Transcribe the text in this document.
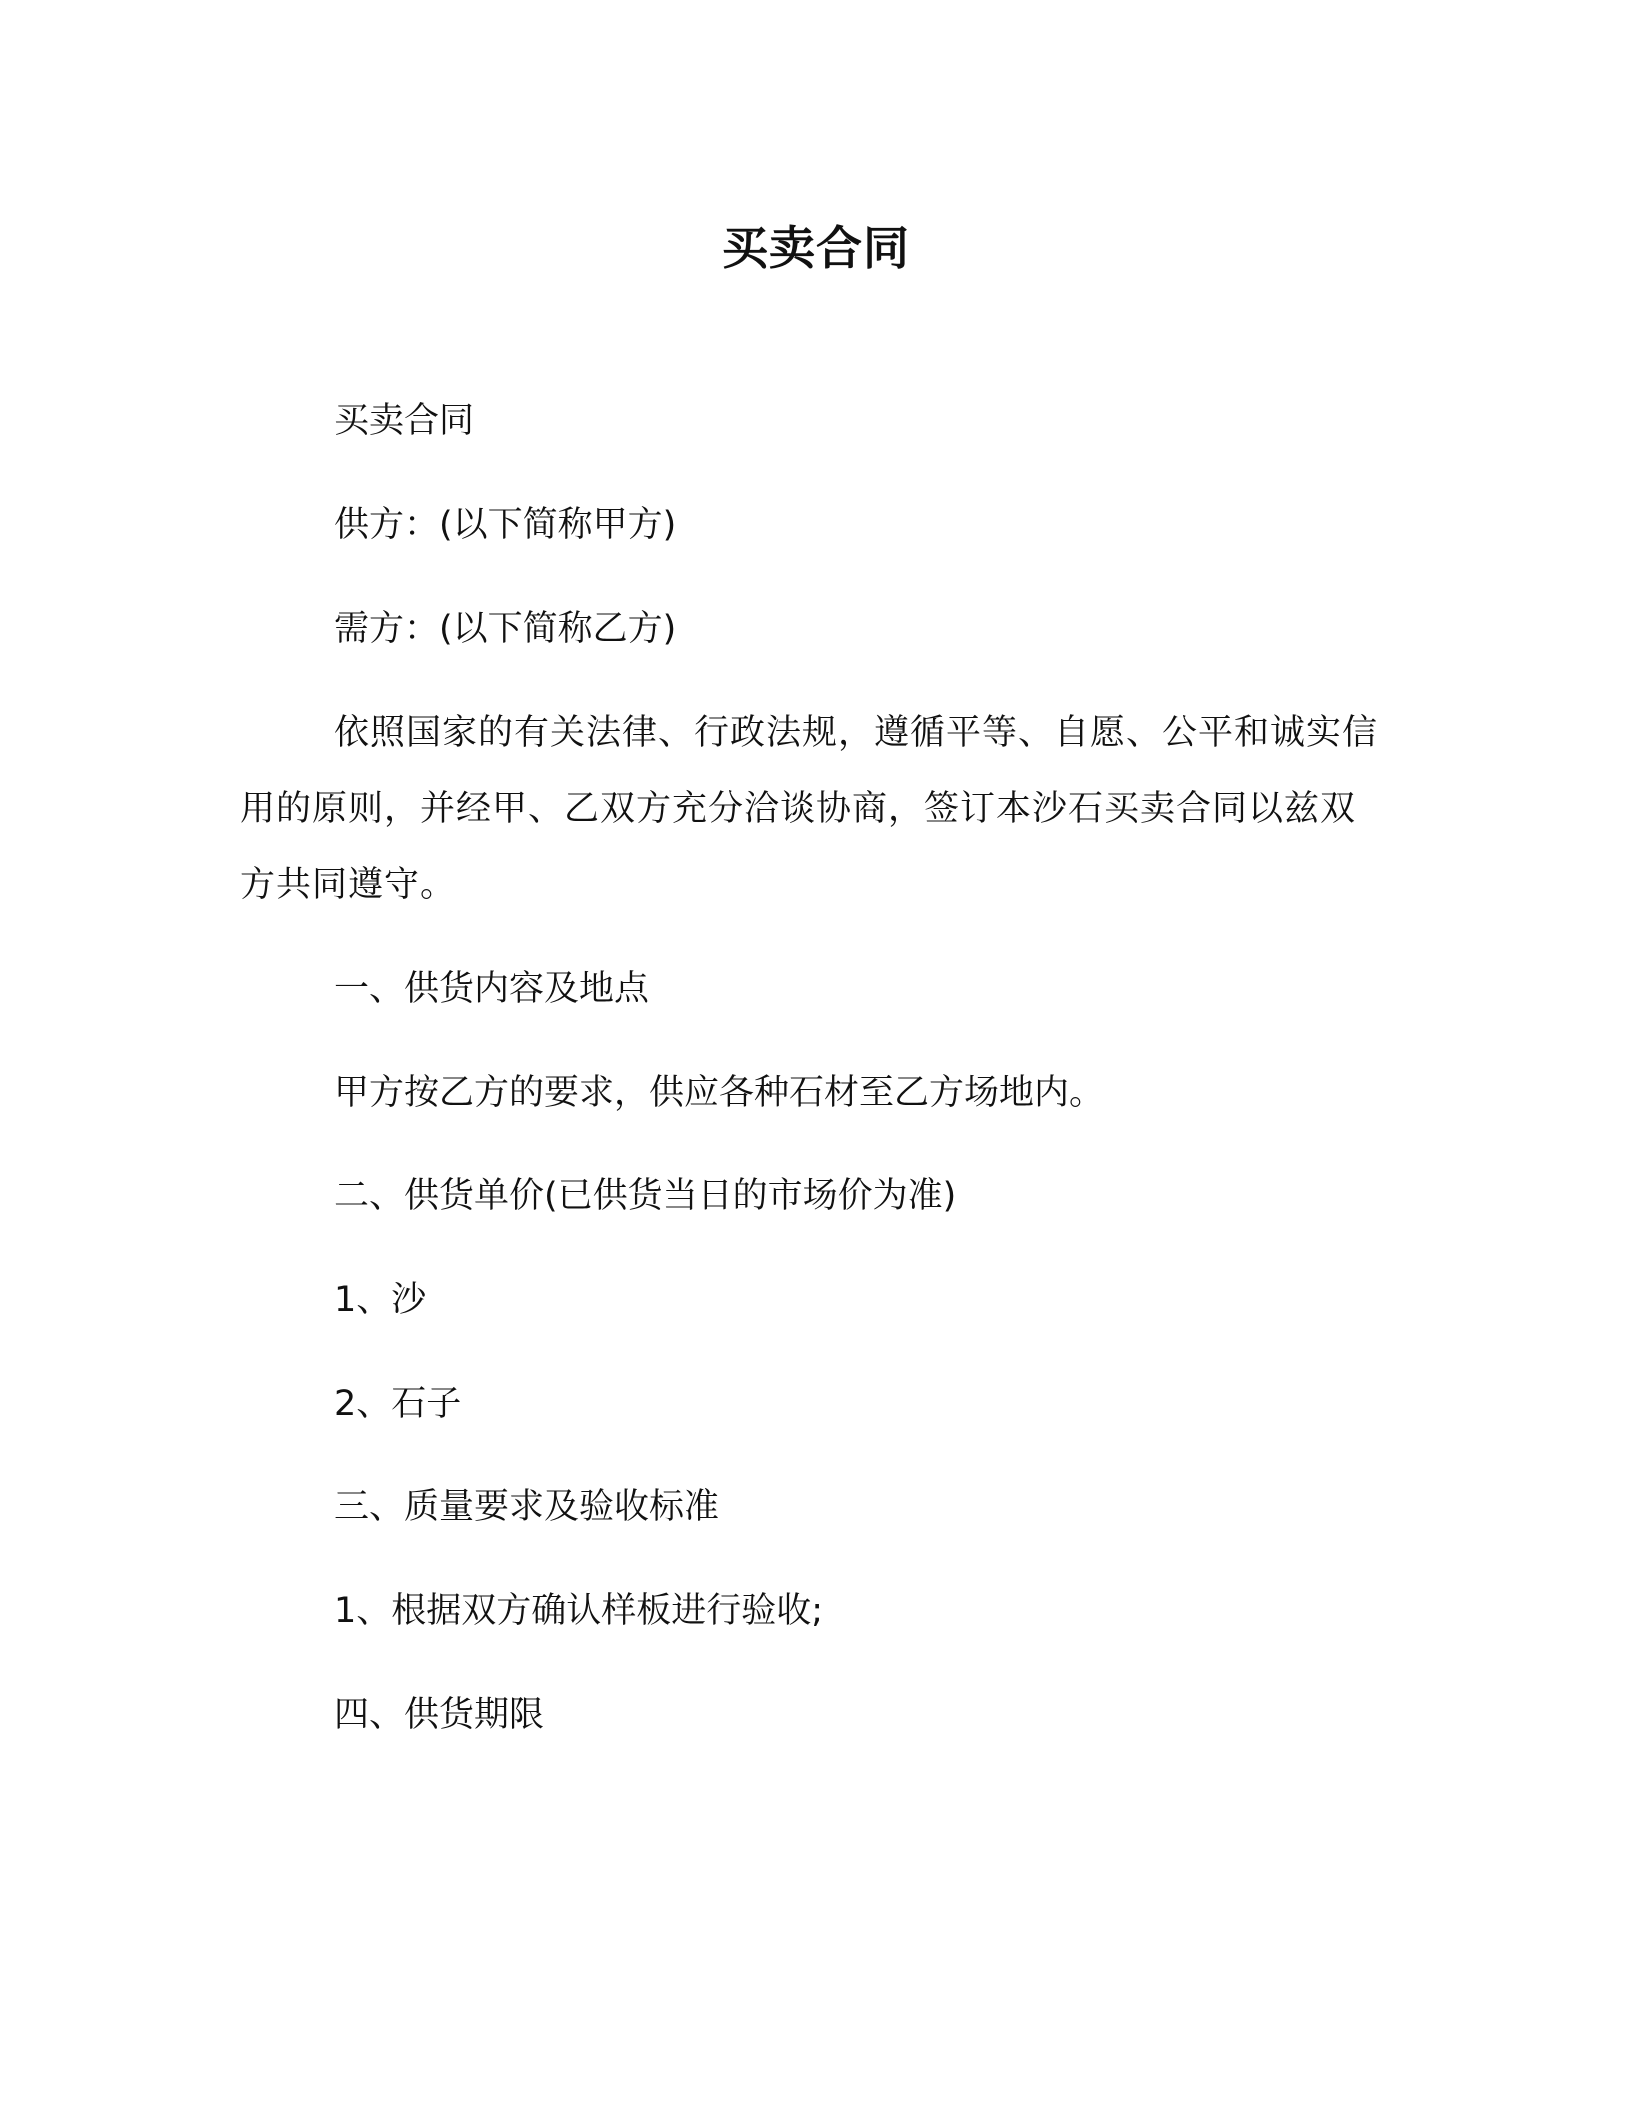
买卖合同
买卖合同
供方：(以下简称甲方)
需方：(以下简称乙方)
依照国家的有关法律、行政法规，遵循平等、自愿、公平和诚实信用的原则，并经甲、乙双方充分洽谈协商，签订本沙石买卖合同以兹双方共同遵守。
一、供货内容及地点
甲方按乙方的要求，供应各种石材至乙方场地内。
二、供货单价(已供货当日的市场价为准)
1、沙
2、石子
三、质量要求及验收标准
1、根据双方确认样板进行验收;
四、供货期限
